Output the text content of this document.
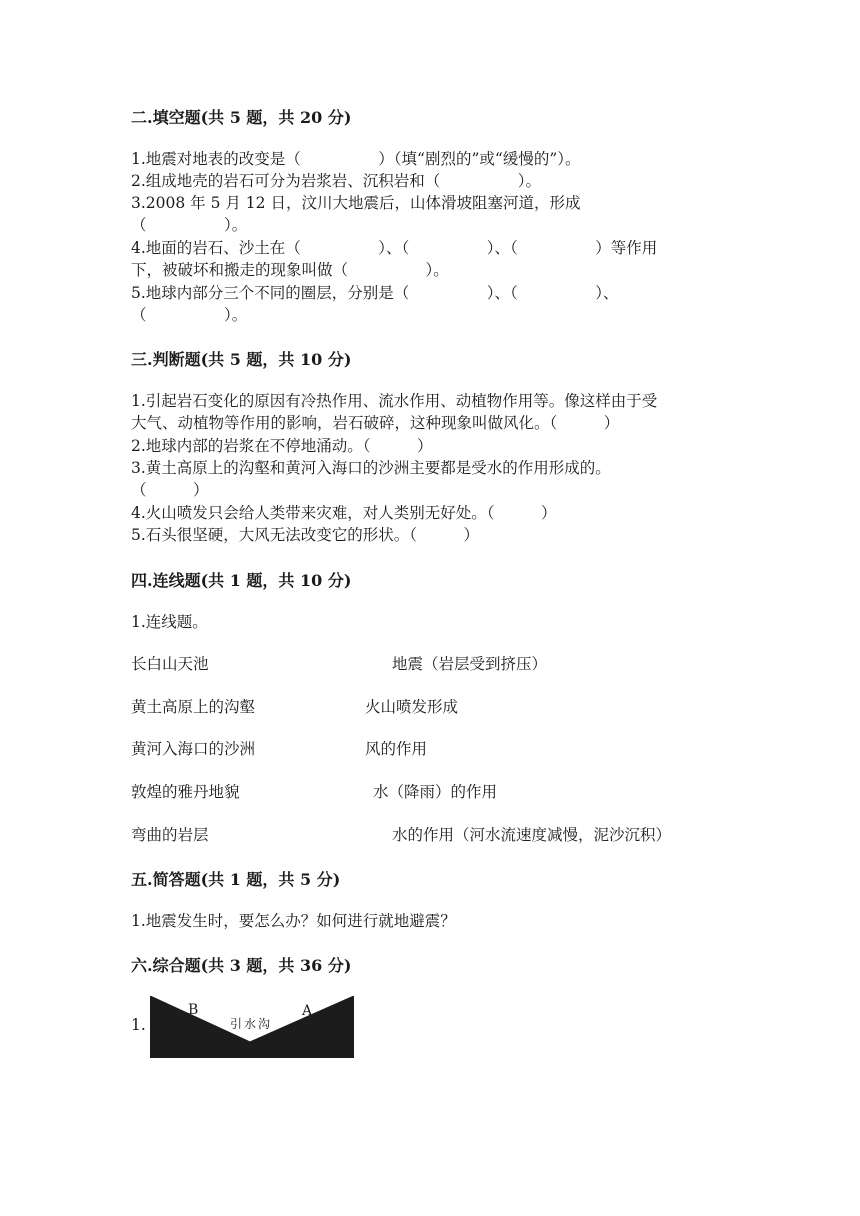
二.填空题(共 5 题，共 20 分)
1.地震对地表的改变是（　　　　　）（填“剧烈的”或“缓慢的”）。
2.组成地壳的岩石可分为岩浆岩、沉积岩和（　　　　　）。
3.2008 年 5 月 12 日，汶川大地震后，山体滑坡阻塞河道，形成
（　　　　　）。
4.地面的岩石、沙土在（　　　　　）、（　　　　　）、（　　　　　）等作用
下，被破坏和搬走的现象叫做（　　　　　）。
5.地球内部分三个不同的圈层，分别是（　　　　　）、（　　　　　）、
（　　　　　）。
三.判断题(共 5 题，共 10 分)
1.引起岩石变化的原因有冷热作用、流水作用、动植物作用等。像这样由于受
大气、动植物等作用的影响，岩石破碎，这种现象叫做风化。（　　　）
2.地球内部的岩浆在不停地涌动。（　　　）
3.黄土高原上的沟壑和黄河入海口的沙洲主要都是受水的作用形成的。
（　　　）
4.火山喷发只会给人类带来灾难，对人类别无好处。（　　　）
5.石头很坚硬，大风无法改变它的形状。（　　　）
四.连线题(共 1 题，共 10 分)
1.连线题。
长白山天池	地震（岩层受到挤压）
黄土高原上的沟壑	火山喷发形成
黄河入海口的沙洲	风的作用
敦煌的雅丹地貌	水（降雨）的作用
弯曲的岩层	水的作用（河水流速度减慢，泥沙沉积）
五.简答题(共 1 题，共 5 分)
1.地震发生时，要怎么办？如何进行就地避震？
六.综合题(共 3 题，共 36 分)
1.
B	A
引水沟
